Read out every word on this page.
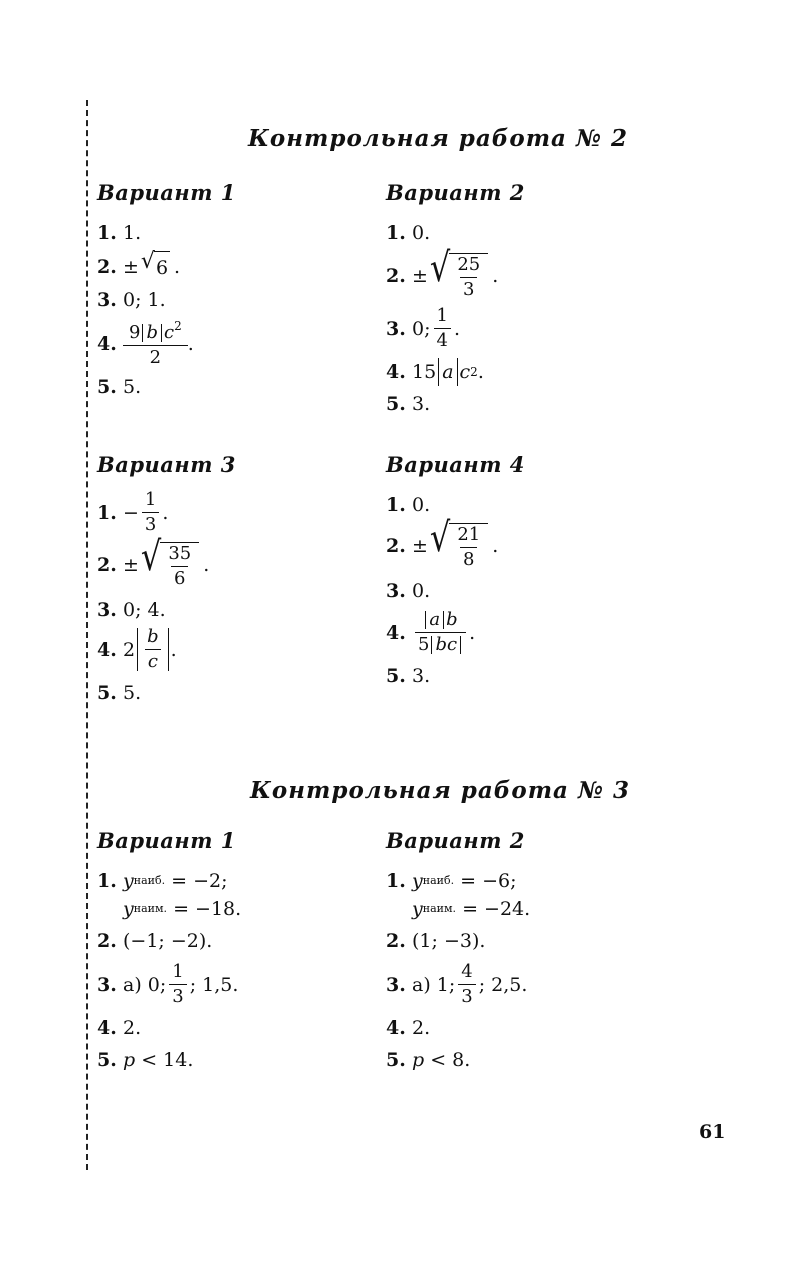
Контрольная работа № 2
Вариант 1
1. 1.
2. ± √ 6 .
3. 0; 1.
4. $\frac{9 b c^2}{2}$ .
5. 5.
Вариант 2
1. 0.
2. ± √ $\frac{25}{3}$ .
3. 0; $\frac{1}{4}$ .
4. 15 a c 2 .
5. 3.
Вариант 3
1. − $\frac{1}{3}$ .
2. ± √ $\frac{35}{6}$ .
3. 0; 4.
4. $2 \frac{b}{c}$ .
5. 5.
Вариант 4
1. 0.
2. ± √ $\frac{21}{8}$ .
3. 0.
4. $\frac{\text{a b}}{5 bc}$ .
5. 3.
Контрольная работа № 3
Вариант 1
1. y наиб.
= −2;
y наим.
= −18.
2. (−1; −2).
3. а) 0; $\frac{1}{3}$ ; 1,5.
4. 2.
5. p
< 14.
Вариант 2
1. y наиб.
= −6;
y наим.
= −24.
2. (1; −3).
3. а) 1; $\frac{4}{3}$ ; 2,5.
4. 2.
5. p
< 8.
61
